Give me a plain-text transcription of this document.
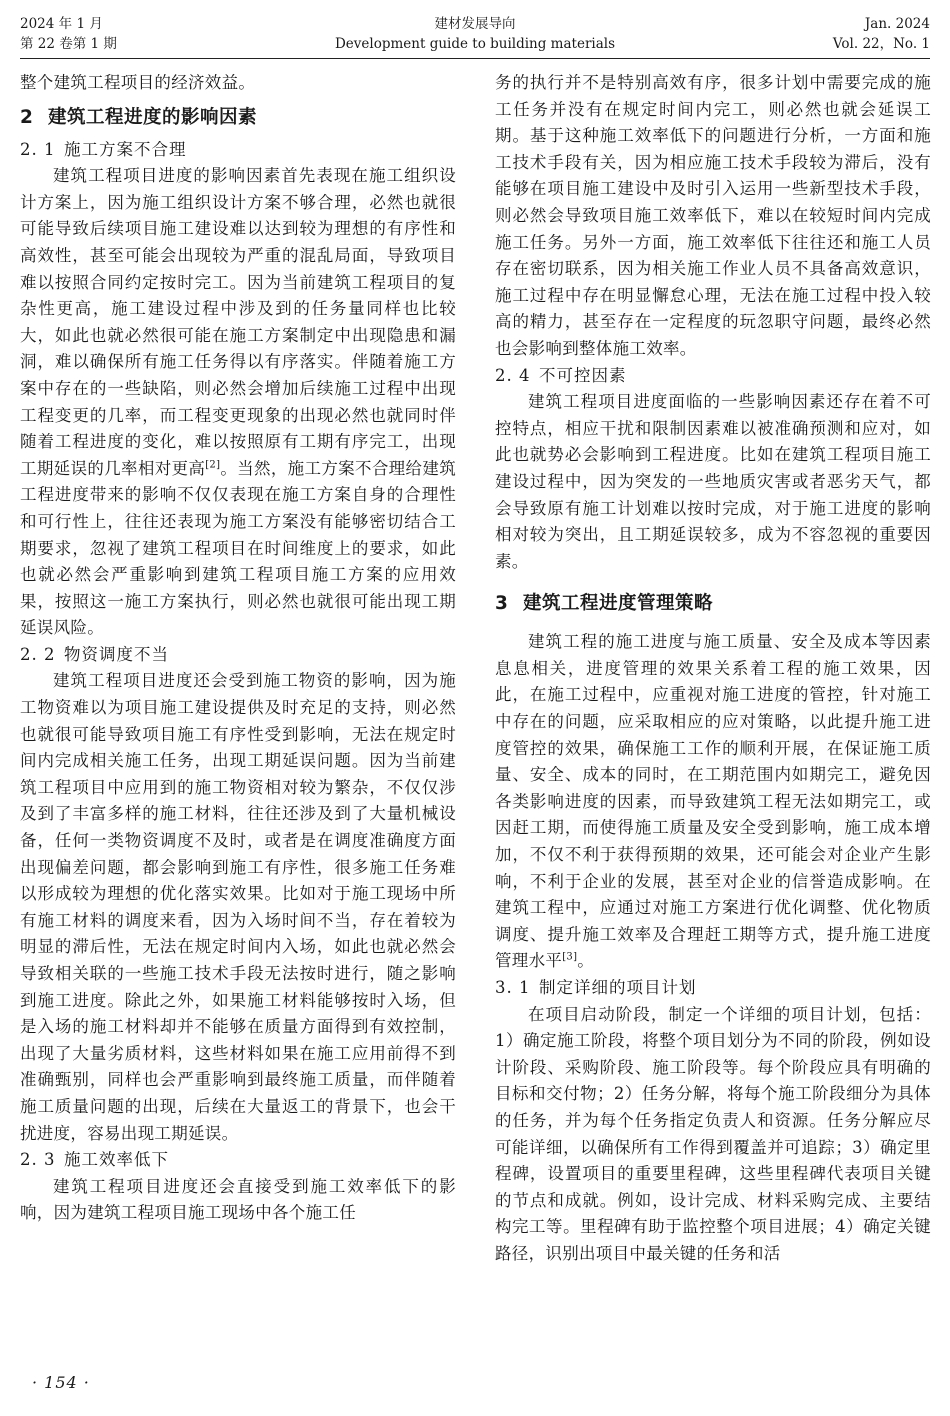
2024 年 1 月
第 22 卷第 1 期
建材发展导向
Development guide to building materials
Jan. 2024
Vol. 22，No. 1

整个建筑工程项目的经济效益。

2 建筑工程进度的影响因素
2. 1 施工方案不合理

建筑工程项目进度的影响因素首先表现在施工组织设计方案上，因为施工组织设计方案不够合理，必然也就很可能导致后续项目施工建设难以达到较为理想的有序性和高效性，甚至可能会出现较为严重的混乱局面，导致项目难以按照合同约定按时完工。因为当前建筑工程项目的复杂性更高，施工建设过程中涉及到的任务量同样也比较大，如此也就必然很可能在施工方案制定中出现隐患和漏洞，难以确保所有施工任务得以有序落实。伴随着施工方案中存在的一些缺陷，则必然会增加后续施工过程中出现工程变更的几率，而工程变更现象的出现必然也就同时伴随着工程进度的变化，难以按照原有工期有序完工，出现工期延误的几率相对更高[2]。当然，施工方案不合理给建筑工程进度带来的影响不仅仅表现在施工方案自身的合理性和可行性上，往往还表现为施工方案没有能够密切结合工期要求，忽视了建筑工程项目在时间维度上的要求，如此也就必然会严重影响到建筑工程项目施工方案的应用效果，按照这一施工方案执行，则必然也就很可能出现工期延误风险。

2. 2 物资调度不当

建筑工程项目进度还会受到施工物资的影响，因为施工物资难以为项目施工建设提供及时充足的支持，则必然也就很可能导致项目施工有序性受到影响，无法在规定时间内完成相关施工任务，出现工期延误问题。因为当前建筑工程项目中应用到的施工物资相对较为繁杂，不仅仅涉及到了丰富多样的施工材料，往往还涉及到了大量机械设备，任何一类物资调度不及时，或者是在调度准确度方面出现偏差问题，都会影响到施工有序性，很多施工任务难以形成较为理想的优化落实效果。比如对于施工现场中所有施工材料的调度来看，因为入场时间不当，存在着较为明显的滞后性，无法在规定时间内入场，如此也就必然会导致相关联的一些施工技术手段无法按时进行，随之影响到施工进度。除此之外，如果施工材料能够按时入场，但是入场的施工材料却并不能够在质量方面得到有效控制，出现了大量劣质材料，这些材料如果在施工应用前得不到准确甄别，同样也会严重影响到最终施工质量，而伴随着施工质量问题的出现，后续在大量返工的背景下，也会干扰进度，容易出现工期延误。

2. 3 施工效率低下

建筑工程项目进度还会直接受到施工效率低下的影响，因为建筑工程项目施工现场中各个施工任

务的执行并不是特别高效有序，很多计划中需要完成的施工任务并没有在规定时间内完工，则必然也就会延误工期。基于这种施工效率低下的问题进行分析，一方面和施工技术手段有关，因为相应施工技术手段较为滞后，没有能够在项目施工建设中及时引入运用一些新型技术手段，则必然会导致项目施工效率低下，难以在较短时间内完成施工任务。另外一方面，施工效率低下往往还和施工人员存在密切联系，因为相关施工作业人员不具备高效意识，施工过程中存在明显懈怠心理，无法在施工过程中投入较高的精力，甚至存在一定程度的玩忽职守问题，最终必然也会影响到整体施工效率。

2. 4 不可控因素

建筑工程项目进度面临的一些影响因素还存在着不可控特点，相应干扰和限制因素难以被准确预测和应对，如此也就势必会影响到工程进度。比如在建筑工程项目施工建设过程中，因为突发的一些地质灾害或者恶劣天气，都会导致原有施工计划难以按时完成，对于施工进度的影响相对较为突出，且工期延误较多，成为不容忽视的重要因素。

3 建筑工程进度管理策略

建筑工程的施工进度与施工质量、安全及成本等因素息息相关，进度管理的效果关系着工程的施工效果，因此，在施工过程中，应重视对施工进度的管控，针对施工中存在的问题，应采取相应的应对策略，以此提升施工进度管控的效果，确保施工工作的顺利开展，在保证施工质量、安全、成本的同时，在工期范围内如期完工，避免因各类影响进度的因素，而导致建筑工程无法如期完工，或因赶工期，而使得施工质量及安全受到影响，施工成本增加，不仅不利于获得预期的效果，还可能会对企业产生影响，不利于企业的发展，甚至对企业的信誉造成影响。在建筑工程中，应通过对施工方案进行优化调整、优化物质调度、提升施工效率及合理赶工期等方式，提升施工进度管理水平[3]。

3. 1 制定详细的项目计划

在项目启动阶段，制定一个详细的项目计划，包括：1）确定施工阶段，将整个项目划分为不同的阶段，例如设计阶段、采购阶段、施工阶段等。每个阶段应具有明确的目标和交付物；2）任务分解，将每个施工阶段细分为具体的任务，并为每个任务指定负责人和资源。任务分解应尽可能详细，以确保所有工作得到覆盖并可追踪；3）确定里程碑，设置项目的重要里程碑，这些里程碑代表项目关键的节点和成就。例如，设计完成、材料采购完成、主要结构完工等。里程碑有助于监控整个项目进展；4）确定关键路径，识别出项目中最关键的任务和活

· 154 ·
